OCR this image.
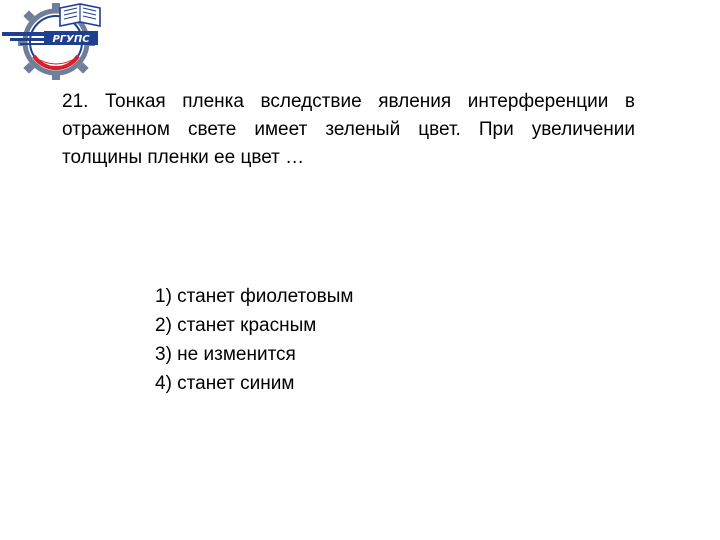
РГУПС
21. Тонкая пленка вследствие явления интерференции в отраженном свете имеет зеленый цвет. При увеличении толщины пленки ее цвет …
1) станет фиолетовым
2) станет красным
3) не изменится
4) станет синим
